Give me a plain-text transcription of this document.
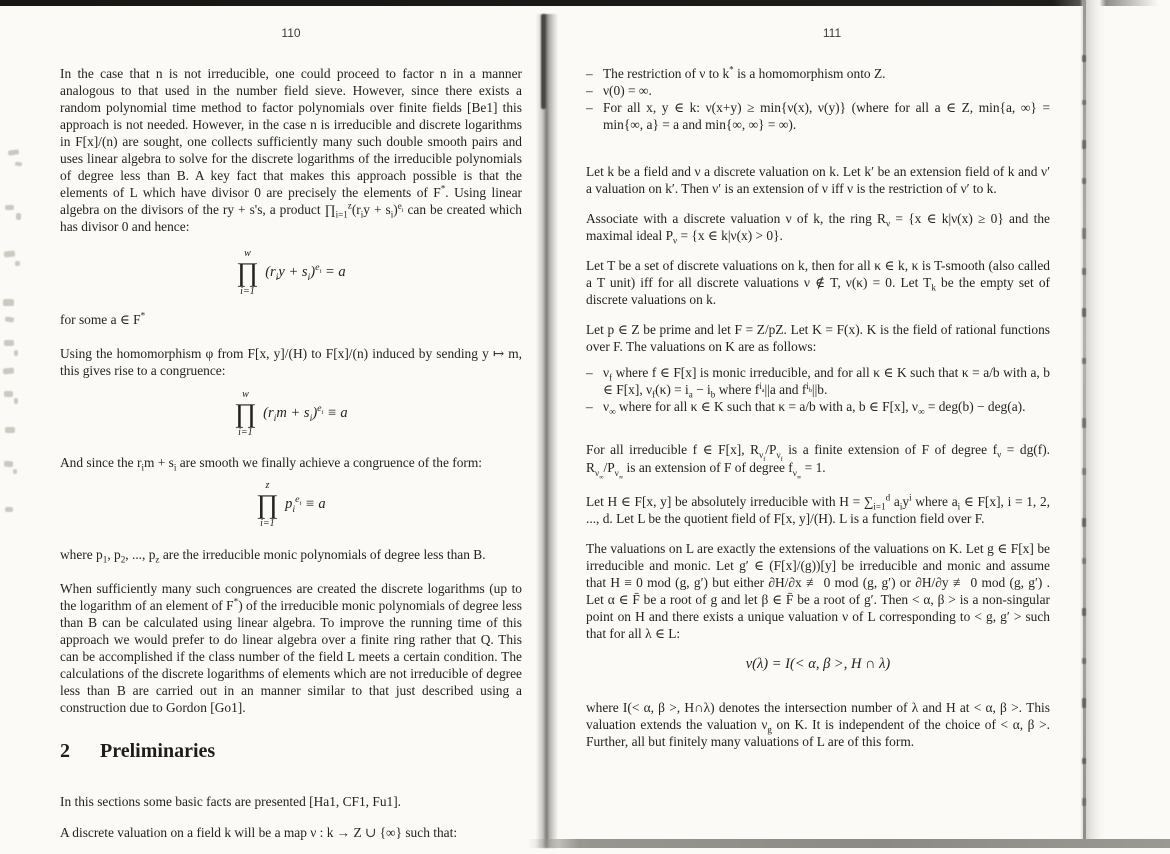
110

In the case that n is not irreducible, one could proceed to factor n in a manner analogous to that used in the number field sieve. However, since there exists a random polynomial time method to factor polynomials over finite fields [Be1] this approach is not needed. However, in the case n is irreducible and discrete logarithms in F[x]/(n) are sought, one collects sufficiently many such double smooth pairs and uses linear algebra to solve for the discrete logarithms of the irreducible polynomials of degree less than B. A key fact that makes this approach possible is that the elements of L which have divisor 0 are precisely the elements of F*. Using linear algebra on the divisors of the ry + s's, a product $\prod_{i=1}^z(r_iy + s_i)^{e_i}$ can be created which has divisor 0 and hence:

w
∏
i=1
$(r_iy + s_i)^{e_i} = a$

for some a ∈ F*

Using the homomorphism φ from F[x, y]/(H) to F[x]/(n) induced by sending y ↦ m, this gives rise to a congruence:

w
∏
i=1
$(r_im + s_i)^{e_i} \equiv a$

And since the $r_im + s_i$ are smooth we finally achieve a congruence of the form:

z
∏
i=1
$p_i^{e_i} \equiv a$

where $p_1$, $p_2$, ..., $p_z$ are the irreducible monic polynomials of degree less than B.

When sufficiently many such congruences are created the discrete logarithms (up to the logarithm of an element of F*) of the irreducible monic polynomials of degree less than B can be calculated using linear algebra. To improve the running time of this approach we would prefer to do linear algebra over a finite ring rather that Q. This can be accomplished if the class number of the field L meets a certain condition. The calculations of the discrete logarithms of elements which are not irreducible of degree less than B are carried out in an manner similar to that just described using a construction due to Gordon [Go1].

2 Preliminaries

In this sections some basic facts are presented [Ha1, CF1, Fu1].

A discrete valuation on a field k will be a map ν : k → Z ∪ {∞} such that:

111
– The restriction of ν to k* is a homomorphism onto Z.
– ν(0) = ∞.
– For all x, y ∈ k: ν(x+y) ≥ min{ν(x), ν(y)} (where for all a ∈ Z, min{a, ∞} = min{∞, a} = a and min{∞, ∞} = ∞).

Let k be a field and ν a discrete valuation on k. Let k′ be an extension field of k and ν′ a valuation on k′. Then ν′ is an extension of ν iff ν is the restriction of ν′ to k.

Associate with a discrete valuation ν of k, the ring $R_\nu = \{x$ ∈ k|ν(x) ≥ 0} and the maximal ideal $P_\nu = \{x$ ∈ k|ν(x) > 0}.

Let T be a set of discrete valuations on k, then for all κ ∈ k, κ is T-smooth (also called a T unit) iff for all discrete valuations ν ∉ T, ν(κ) = 0. Let $T_k$ be the empty set of discrete valuations on k.

Let p ∈ Z be prime and let F = Z/pZ. Let K = F(x). K is the field of rational functions over F. The valuations on K are as follows:

– $\nu_f$ where f ∈ F[x] is monic irreducible, and for all κ ∈ K such that κ = a/b with a, b ∈ F[x], $\nu_f(\kappa) = i_a - i_b$ where $f^{i_a}||a$ and $f^{i_b}||b$.
– $\nu_\infty$ where for all κ ∈ K such that κ = a/b with a, b ∈ F[x], $\nu_\infty = deg(b) - deg(a)$.

For all irreducible f ∈ F[x], $R_{\nu_f}/P_{\nu_f}$ is a finite extension of F of degree $f_\nu = dg(f)$. $R_{\nu_\infty}/P_{\nu_\infty}$ is an extension of F of degree $f_{\nu_\infty} = 1$.

Let H ∈ F[x, y] be absolutely irreducible with $H = \sum_{i=1}^d$ $a_iy^i$ where $a_i$ ∈ F[x], i = 1, 2, ..., d. Let L be the quotient field of F[x, y]/(H). L is a function field over F.

The valuations on L are exactly the extensions of the valuations on K. Let g ∈ F[x] be irreducible and monic. Let g′ ∈ (F[x]/(g))[y] be irreducible and monic and assume that H ≡ 0 mod (g, g′) but either ∂H/∂x ≢ 0 mod (g, g′) or ∂H/∂y ≢ 0 mod (g, g′) . Let α ∈ F̄ be a root of g and let β ∈ F̄ be a root of g′. Then < α, β > is a non-singular point on H and there exists a unique valuation ν of L corresponding to < g, g′ > such that for all λ ∈ L:

ν(λ) = I(< α, β >, H ∩ λ)

where I(< α, β >, H∩λ) denotes the intersection number of λ and H at < α, β >. This valuation extends the valuation $\nu_g$ on K. It is independent of the choice of < α, β >. Further, all but finitely many valuations of L are of this form.
